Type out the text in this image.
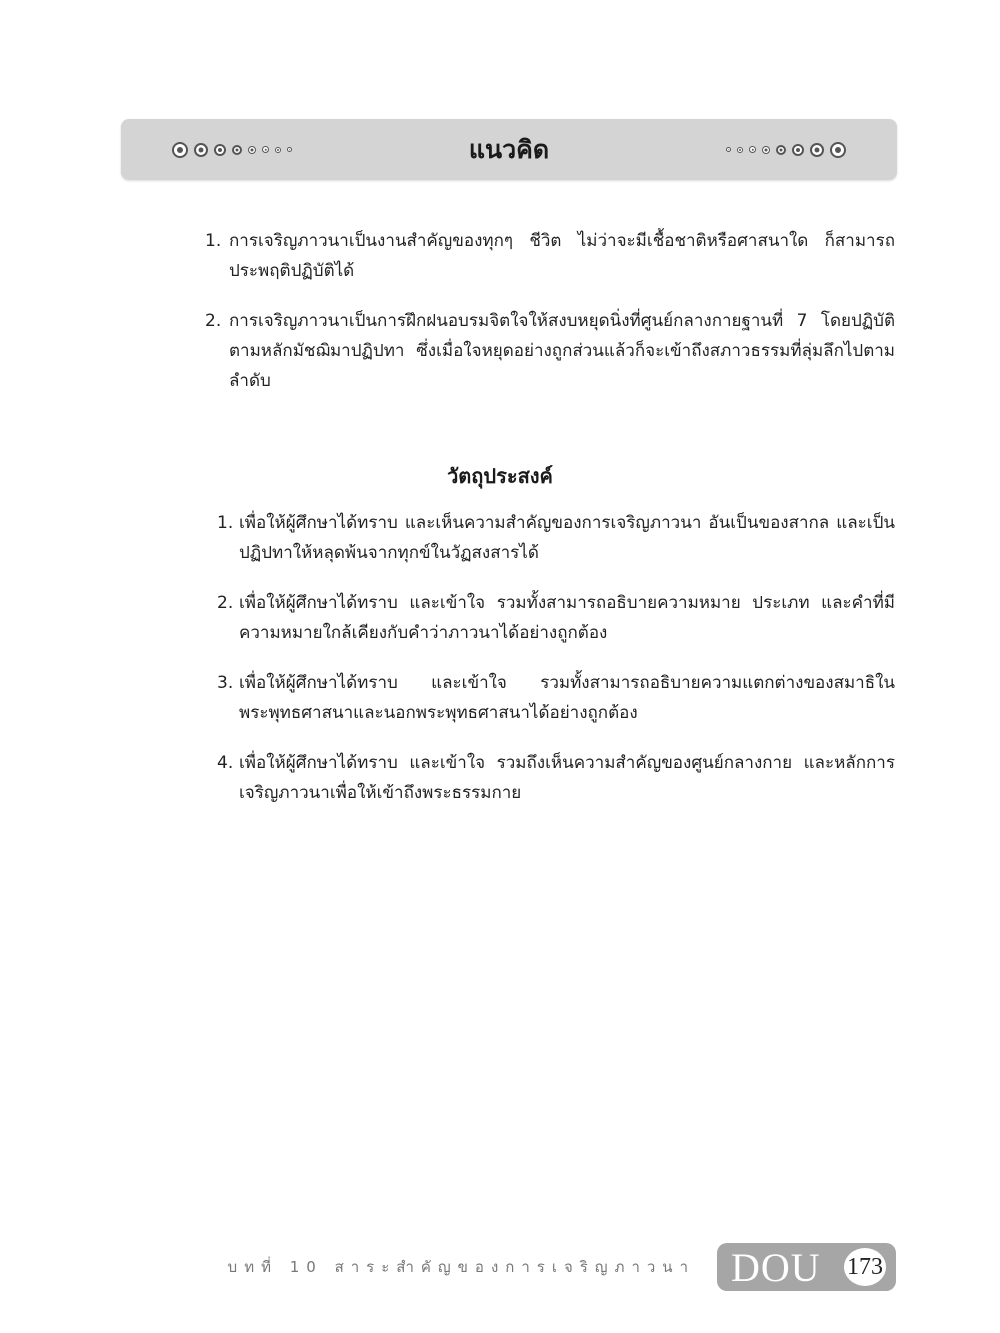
แนวคิด
1. การเจริญภาวนาเป็นงานสำคัญของทุกๆ ชีวิต ไม่ว่าจะมีเชื้อชาติหรือศาสนาใด ก็สามารถประพฤติปฏิบัติได้
2. การเจริญภาวนาเป็นการฝึกฝนอบรมจิตใจให้สงบหยุดนิ่งที่ศูนย์กลางกายฐานที่ 7 โดยปฏิบัติตามหลักมัชฌิมาปฏิปทา ซึ่งเมื่อใจหยุดอย่างถูกส่วนแล้วก็จะเข้าถึงสภาวธรรมที่ลุ่มลึกไปตามลำดับ
วัตถุประสงค์
1. เพื่อให้ผู้ศึกษาได้ทราบ และเห็นความสำคัญของการเจริญภาวนา อันเป็นของสากล และเป็นปฏิปทาให้หลุดพ้นจากทุกข์ในวัฏสงสารได้
2. เพื่อให้ผู้ศึกษาได้ทราบ และเข้าใจ รวมทั้งสามารถอธิบายความหมาย ประเภท และคำที่มีความหมายใกล้เคียงกับคำว่าภาวนาได้อย่างถูกต้อง
3. เพื่อให้ผู้ศึกษาได้ทราบ และเข้าใจ รวมทั้งสามารถอธิบายความแตกต่างของสมาธิในพระพุทธศาสนาและนอกพระพุทธศาสนาได้อย่างถูกต้อง
4. เพื่อให้ผู้ศึกษาได้ทราบ และเข้าใจ รวมถึงเห็นความสำคัญของศูนย์กลางกาย และหลักการเจริญภาวนาเพื่อให้เข้าถึงพระธรรมกาย
บทที่ 10 สาระสำคัญของการเจริญภาวนา DOU 173
